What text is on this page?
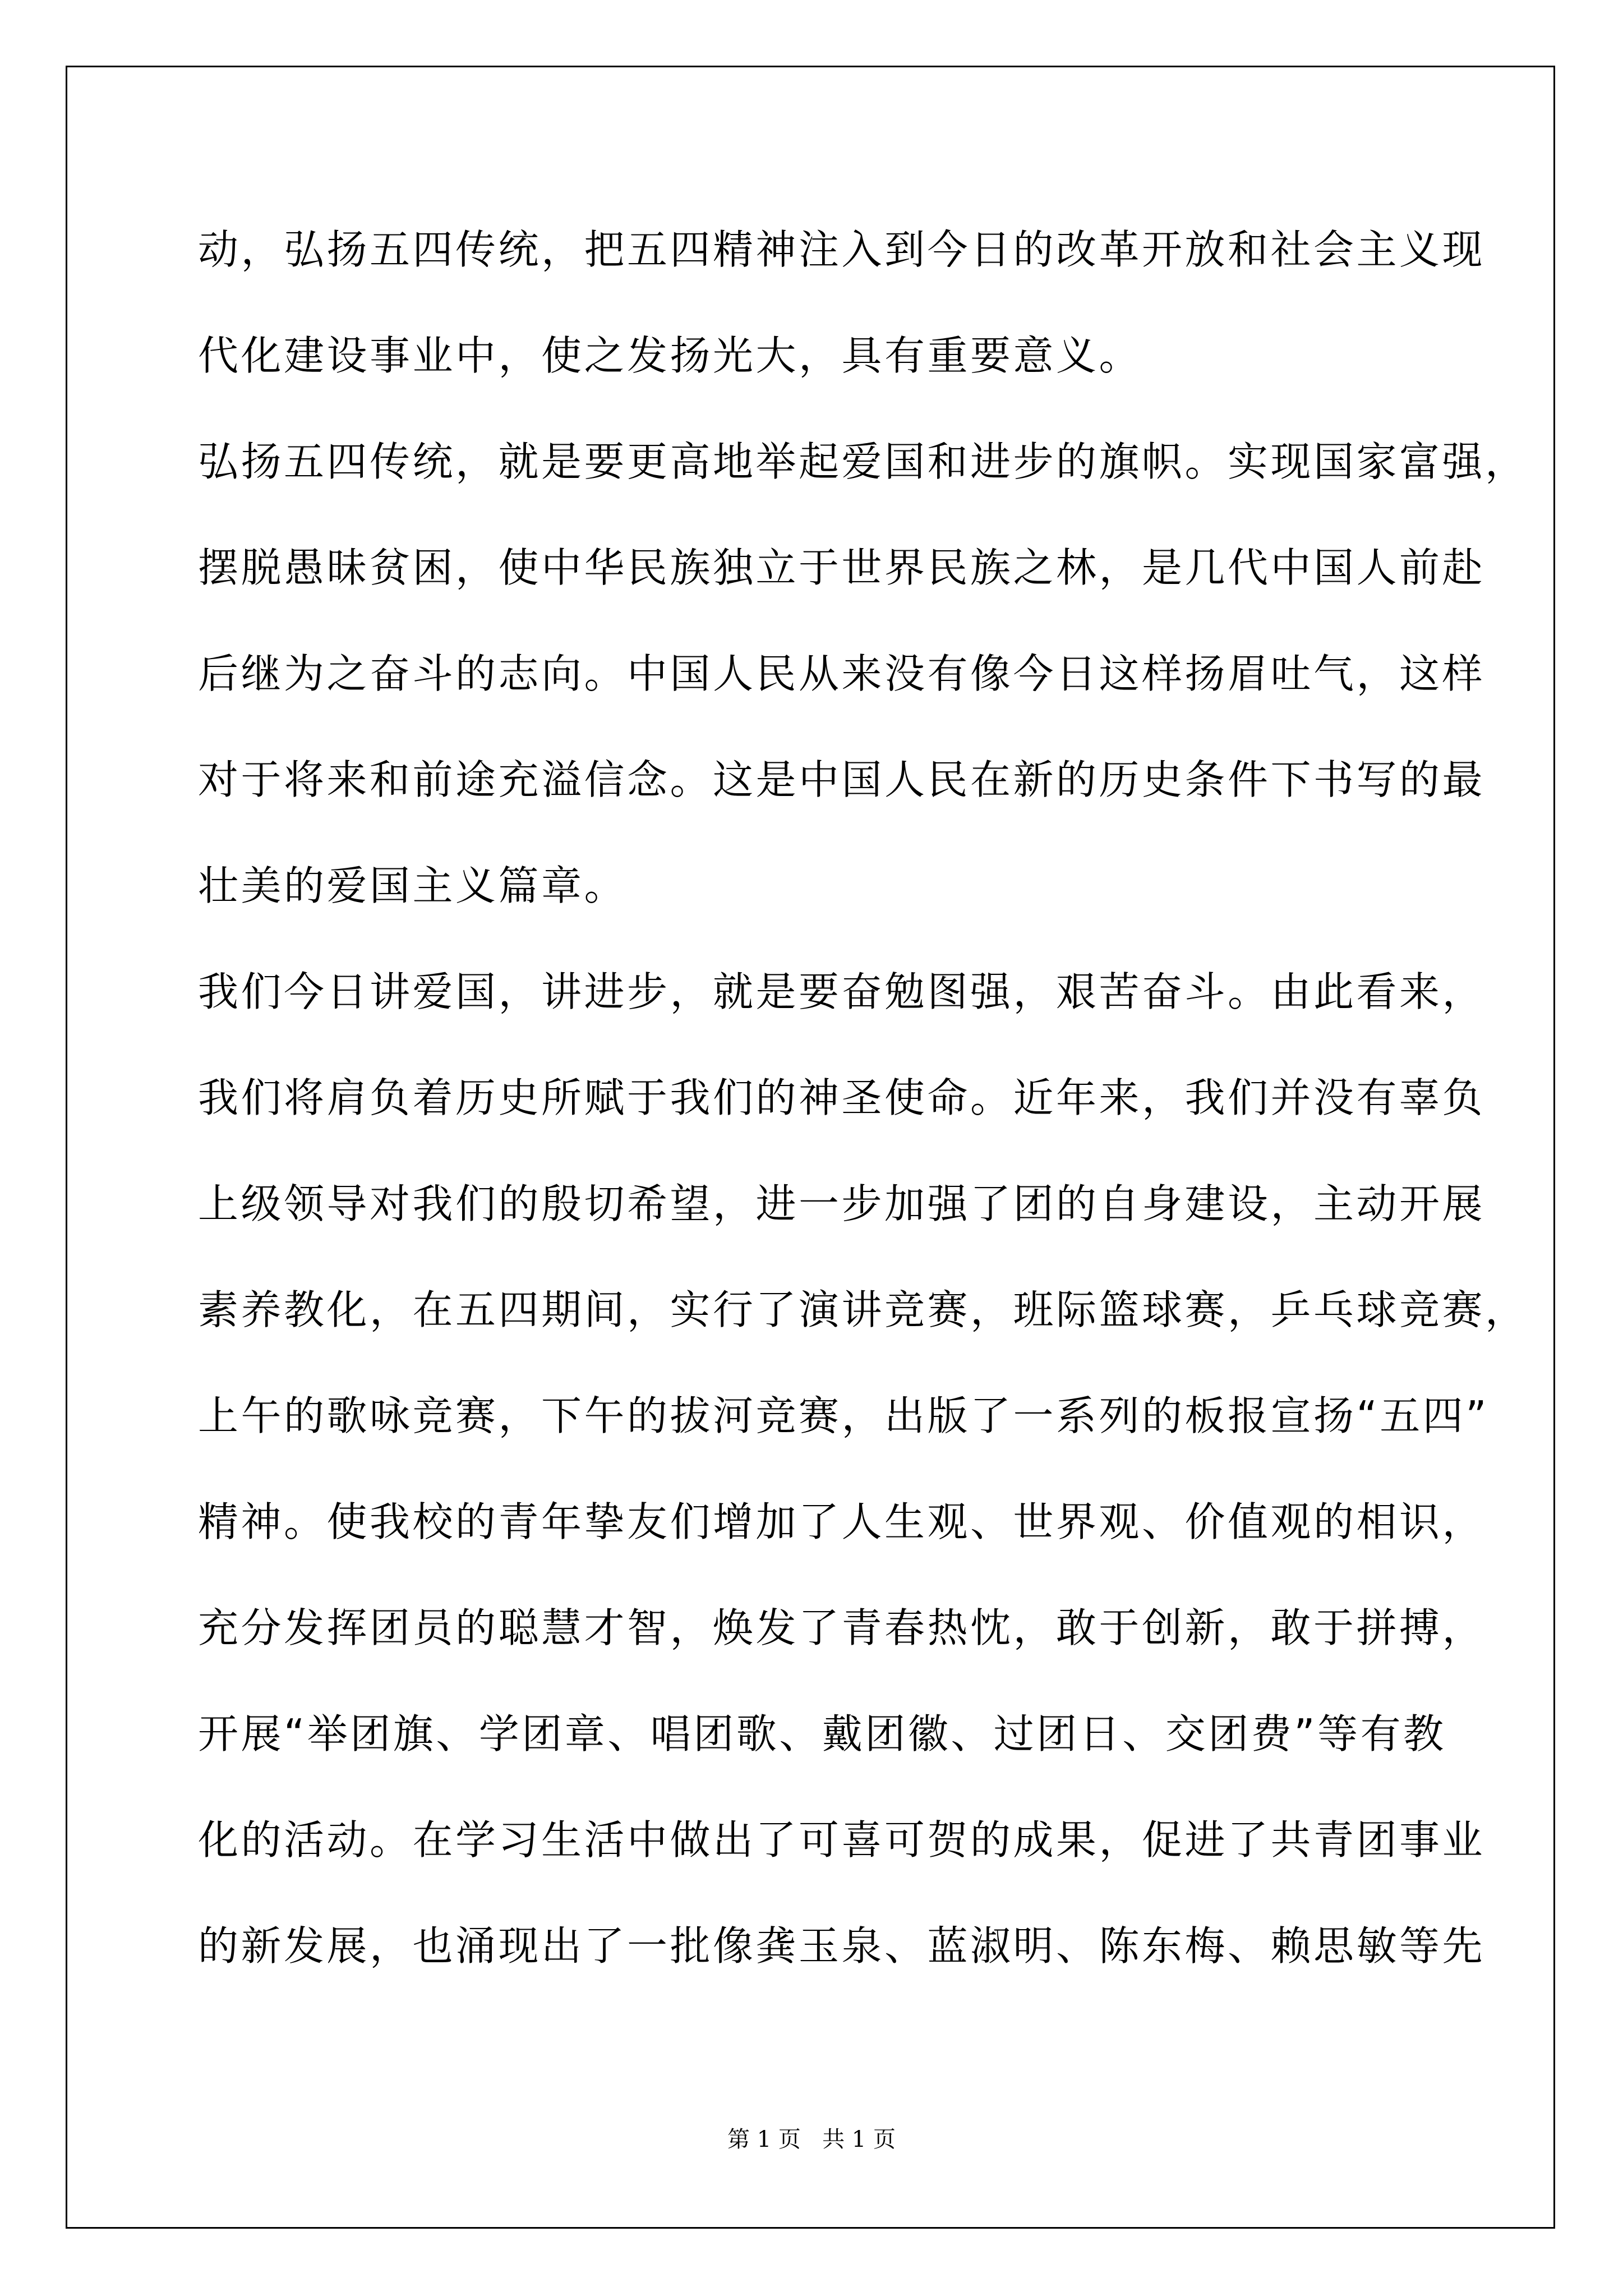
动，弘扬五四传统，把五四精神注入到今日的改革开放和社会主义现
代化建设事业中，使之发扬光大，具有重要意义。
弘扬五四传统，就是要更高地举起爱国和进步的旗帜。实现国家富强，
摆脱愚昧贫困，使中华民族独立于世界民族之林，是几代中国人前赴
后继为之奋斗的志向。中国人民从来没有像今日这样扬眉吐气，这样
对于将来和前途充溢信念。这是中国人民在新的历史条件下书写的最
壮美的爱国主义篇章。
我们今日讲爱国，讲进步，就是要奋勉图强，艰苦奋斗。由此看来，
我们将肩负着历史所赋于我们的神圣使命。近年来，我们并没有辜负
上级领导对我们的殷切希望，进一步加强了团的自身建设，主动开展
素养教化，在五四期间，实行了演讲竞赛，班际篮球赛，乒乓球竞赛，
上午的歌咏竞赛，下午的拔河竞赛，出版了一系列的板报宣扬“五四”
精神。使我校的青年挚友们增加了人生观、世界观、价值观的相识，
充分发挥团员的聪慧才智，焕发了青春热忱，敢于创新，敢于拼搏，
开展“举团旗、学团章、唱团歌、戴团徽、过团日、交团费”等有教
化的活动。在学习生活中做出了可喜可贺的成果，促进了共青团事业
的新发展，也涌现出了一批像龚玉泉、蓝淑明、陈东梅、赖思敏等先
第 1 页   共 1 页
